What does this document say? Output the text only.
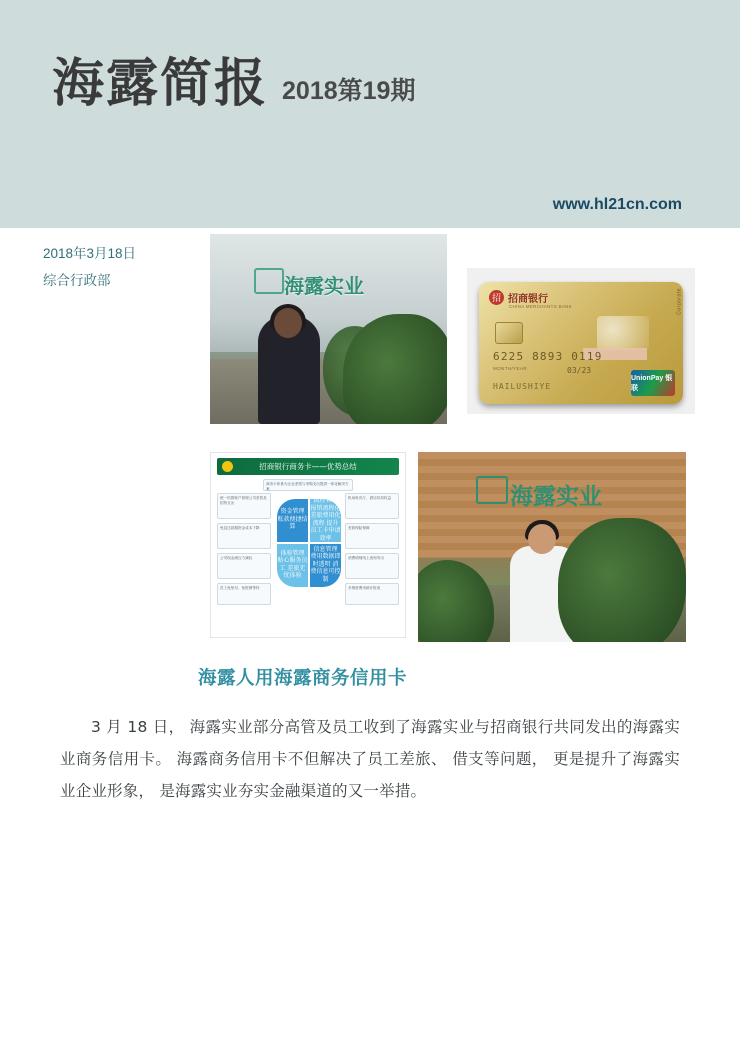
海露简报 2018第19期
www.hl21cn.com
2018年3月18日
综合行政部	海露实业
招 招商银行
CHINA MERCHANTS BANK	Corporate
6225 8893 0119
MONTH/YEAR	03/23
HAILUSHIYE
UnionPay 银联
招商银行商务卡——优势总结
商务卡体系为企业差旅与采购支出提供一体化解决方案
资金管理 账款便捷结算
流程管理 报销流程化 差旅费用化流程 提升员工卡申请效率
体验管理 贴心服务员工 差旅无忧体验
信息管理 费用数据即时透明 消费信息可控制
统一结算账户管理公司差旅及招待支出
免息还款期资金成本下降
公司现金流压力减轻
员工免垫付、免报销等待
机场贵宾厅、酒店折扣权益
差旅保险保障
消费明细线上查询导出
多维度费用统计报表
海露实业
海露人用海露商务信用卡
3 月 18 日， 海露实业部分高管及员工收到了海露实业与招商银行共同发出的海露实业商务信用卡。 海露商务信用卡不但解决了员工差旅、 借支等问题， 更是提升了海露实业企业形象， 是海露实业夯实金融渠道的又一举措。
